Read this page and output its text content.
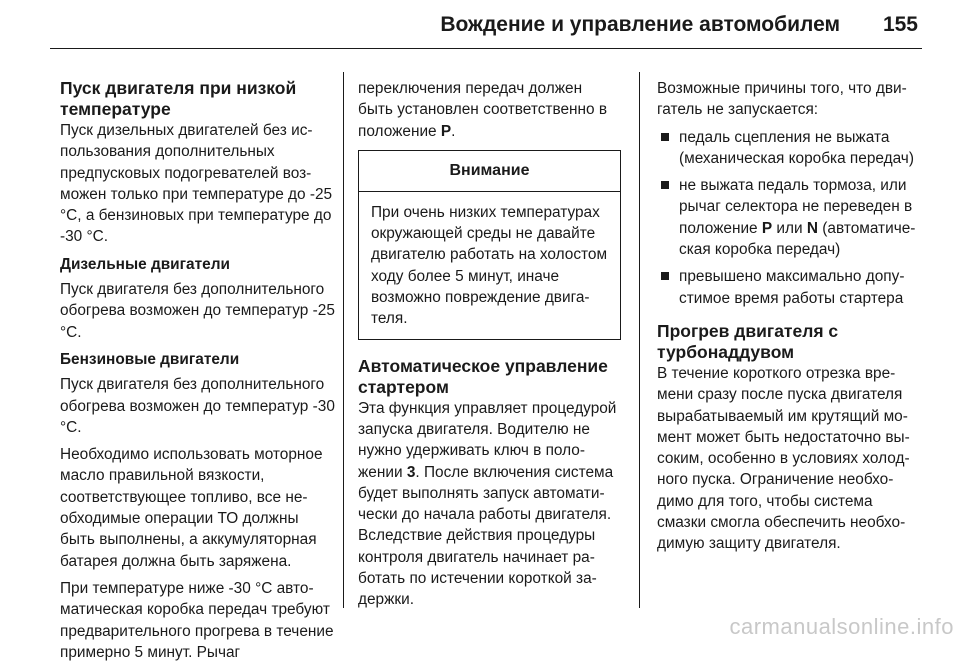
Вождение и управление автомобилем 155
Пуск двигателя при низкой температуре

Пуск дизельных двигателей без использования дополнительных предпусковых подогревателей возможен только при температуре до -25 °C, а бензиновых при температуре до -30 °C.

Дизельные двигатели

Пуск двигателя без дополнительного обогрева возможен до температур -25 °C.

Бензиновые двигатели

Пуск двигателя без дополнительного обогрева возможен до температур -30 °C.

Необходимо использовать моторное масло правильной вязкости, соответствующее топливо, все необходимые операции ТО должны быть выполнены, а аккумуляторная батарея должна быть заряжена.

При температуре ниже -30 °C автоматическая коробка передач требуют предварительного прогрева в течение примерно 5 минут. Рычаг

переключения передач должен быть установлен соответственно в положение P.

Внимание
При очень низких температурах окружающей среды не давайте двигателю работать на холостом ходу более 5 минут, иначе возможно повреждение двигателя.
Автоматическое управление стартером

Эта функция управляет процедурой запуска двигателя. Водителю не нужно удерживать ключ в положении 3. После включения система будет выполнять запуск автоматически до начала работы двигателя. Вследствие действия процедуры контроля двигатель начинает работать по истечении короткой задержки.

Возможные причины того, что двигатель не запускается:

педаль сцепления не выжата (механическая коробка передач)
не выжата педаль тормоза, или рычаг селектора не переведен в положение P или N (автоматическая коробка передач)
превышено максимально допустимое время работы стартера
Прогрев двигателя с турбонаддувом

В течение короткого отрезка времени сразу после пуска двигателя вырабатываемый им крутящий момент может быть недостаточно высоким, особенно в условиях холодного пуска. Ограничение необходимо для того, чтобы система смазки смогла обеспечить необходимую защиту двигателя.

carmanualsonline.info
